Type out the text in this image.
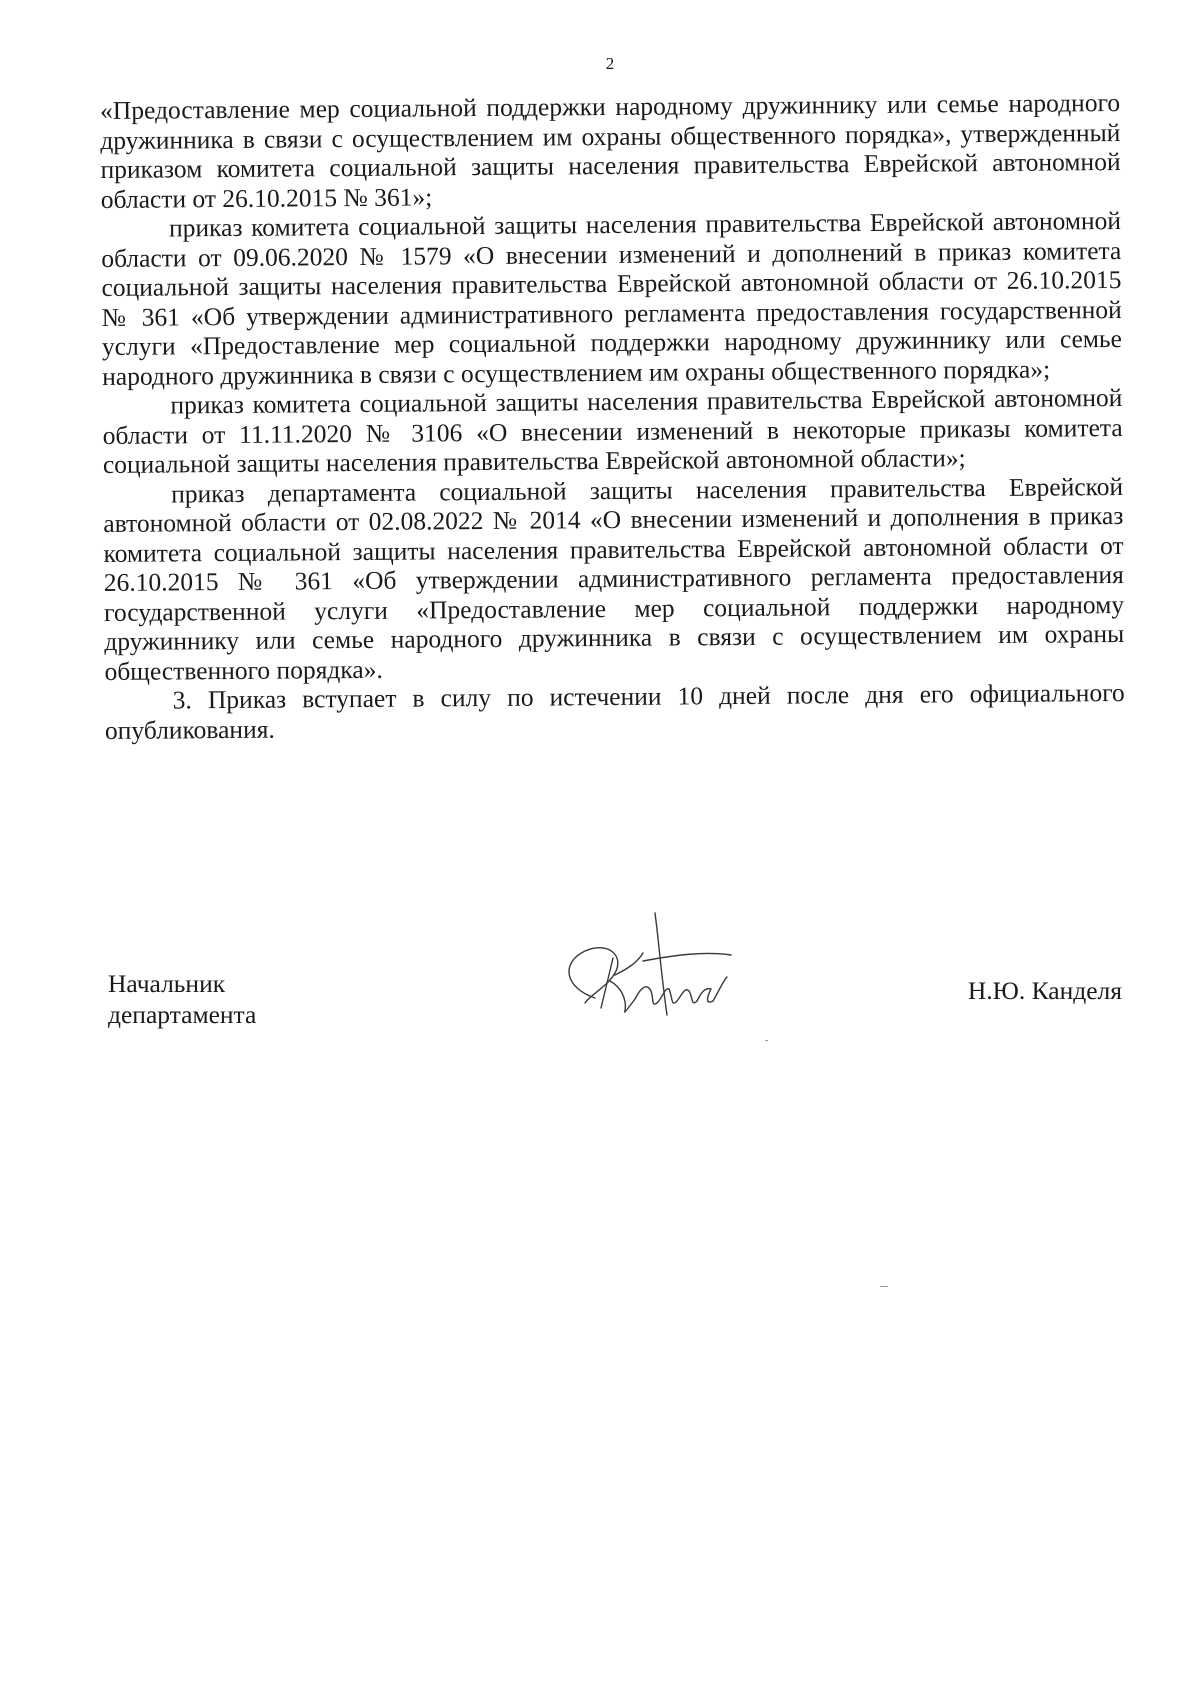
2

«Предоставление мер социальной поддержки народному дружиннику или семье народного дружинника в связи с осуществлением им охраны общественного порядка», утвержденный приказом комитета социальной защиты населения правительства Еврейской автономной области от 26.10.2015 № 361»;

приказ комитета социальной защиты населения правительства Еврейской автономной области от 09.06.2020 № 1579 «О внесении изменений и дополнений в приказ комитета социальной защиты населения правительства Еврейской автономной области от 26.10.2015 № 361 «Об утверждении административного регламента предоставления государственной услуги «Предоставление мер социальной поддержки народному дружиннику или семье народного дружинника в связи с осуществлением им охраны общественного порядка»;

приказ комитета социальной защиты населения правительства Еврейской автономной области от 11.11.2020 № 3106 «О внесении изменений в некоторые приказы комитета социальной защиты населения правительства Еврейской автономной области»;

приказ департамента социальной защиты населения правительства Еврейской автономной области от 02.08.2022 № 2014 «О внесении изменений и дополнения в приказ комитета социальной защиты населения правительства Еврейской автономной области от 26.10.2015 № 361 «Об утверждении административного регламента предоставления государственной услуги «Предоставление мер социальной поддержки народному дружиннику или семье народного дружинника в связи с осуществлением им охраны общественного порядка».

3. Приказ вступает в силу по истечении 10 дней после дня его официального опубликования.

Начальник
департамента
Н.Ю. Канделя
